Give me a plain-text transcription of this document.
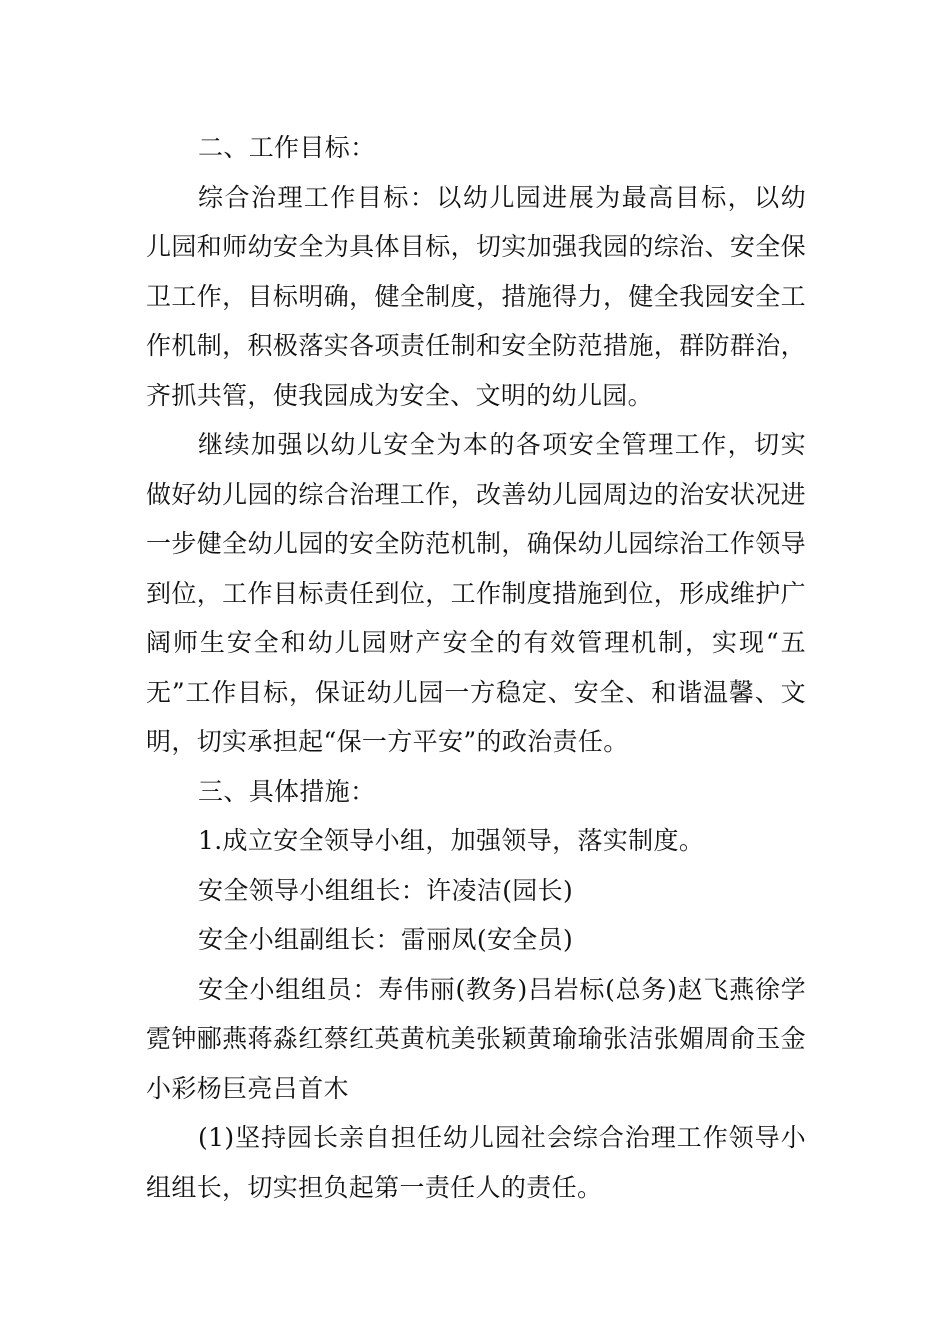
二、工作目标：

综合治理工作目标：以幼儿园进展为最高目标，以幼儿园和师幼安全为具体目标，切实加强我园的综治、安全保卫工作，目标明确，健全制度，措施得力，健全我园安全工作机制，积极落实各项责任制和安全防范措施，群防群治，齐抓共管，使我园成为安全、文明的幼儿园。

继续加强以幼儿安全为本的各项安全管理工作，切实做好幼儿园的综合治理工作，改善幼儿园周边的治安状况进一步健全幼儿园的安全防范机制，确保幼儿园综治工作领导到位，工作目标责任到位，工作制度措施到位，形成维护广阔师生安全和幼儿园财产安全的有效管理机制，实现“五无”工作目标，保证幼儿园一方稳定、安全、和谐温馨、文明，切实承担起“保一方平安”的政治责任。

三、具体措施：

1.成立安全领导小组，加强领导，落实制度。

安全领导小组组长：许凌洁(园长)

安全小组副组长：雷丽凤(安全员)

安全小组组员：寿伟丽(教务)吕岩标(总务)赵飞燕徐学霓钟郦燕蒋淼红蔡红英黄杭美张颖黄瑜瑜张洁张媚周俞玉金小彩杨巨亮吕首木

(1)坚持园长亲自担任幼儿园社会综合治理工作领导小组组长，切实担负起第一责任人的责任。
